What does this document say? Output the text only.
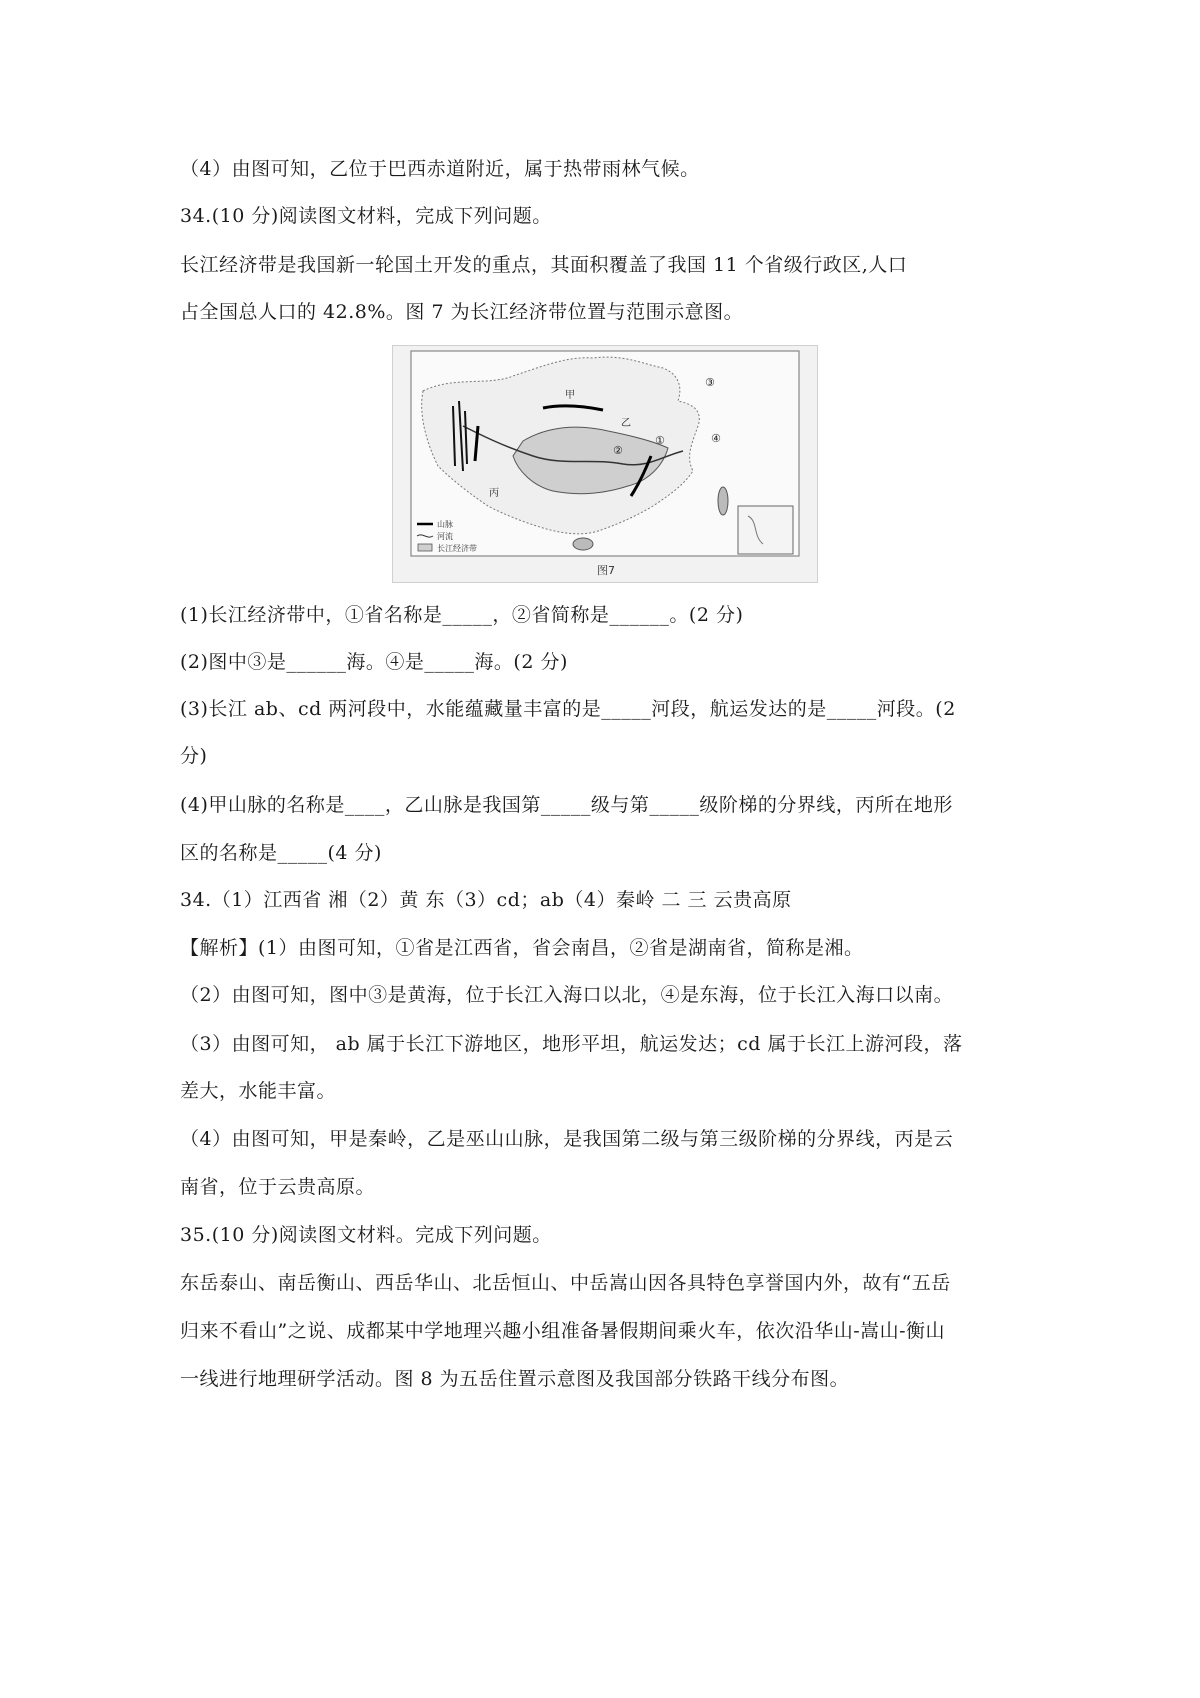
（4）由图可知，乙位于巴西赤道附近，属于热带雨林气候。
34.(10 分)阅读图文材料，完成下列问题。
长江经济带是我国新一轮国土开发的重点，其面积覆盖了我国 11 个省级行政区,人口
占全国总人口的 42.8%。图 7 为长江经济带位置与范围示意图。
甲
乙
丙
②
①
③
④
山脉
河流
长江经济带
图7
(1)长江经济带中，①省名称是_____，②省简称是______。(2 分)
(2)图中③是______海。④是_____海。(2 分)
(3)长江 ab、cd 两河段中，水能蕴藏量丰富的是_____河段，航运发达的是_____河段。(2
分)
(4)甲山脉的名称是____，乙山脉是我国第_____级与第_____级阶梯的分界线，丙所在地形
区的名称是_____(4 分)
34.（1）江西省 湘（2）黄 东（3）cd；ab（4）秦岭 二 三 云贵高原
【解析】(1）由图可知，①省是江西省，省会南昌，②省是湖南省，简称是湘。
（2）由图可知，图中③是黄海，位于长江入海口以北，④是东海，位于长江入海口以南。
（3）由图可知， ab 属于长江下游地区，地形平坦，航运发达；cd 属于长江上游河段，落
差大，水能丰富。
（4）由图可知，甲是秦岭，乙是巫山山脉，是我国第二级与第三级阶梯的分界线，丙是云
南省，位于云贵高原。
35.(10 分)阅读图文材料。完成下列问题。
东岳泰山、南岳衡山、西岳华山、北岳恒山、中岳嵩山因各具特色享誉国内外，故有“五岳
归来不看山”之说、成都某中学地理兴趣小组准备暑假期间乘火车，依次沿华山-嵩山-衡山
一线进行地理研学活动。图 8 为五岳住置示意图及我国部分铁路干线分布图。
